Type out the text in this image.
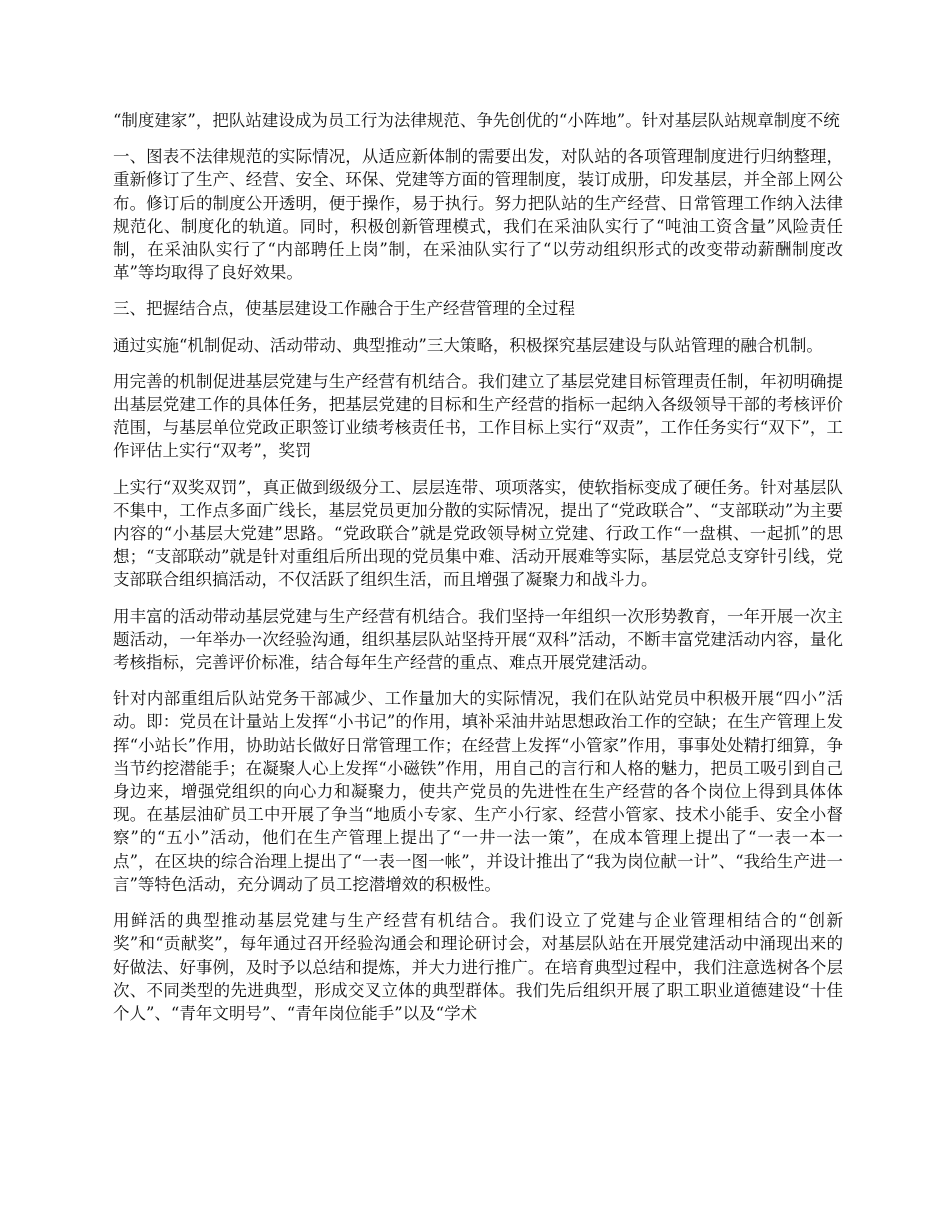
“制度建家”，把队站建设成为员工行为法律规范、争先创优的“小阵地”。针对基层队站规章制度不统

一、图表不法律规范的实际情况，从适应新体制的需要出发，对队站的各项管理制度进行归纳整理，重新修订了生产、经营、安全、环保、党建等方面的管理制度，装订成册，印发基层，并全部上网公布。修订后的制度公开透明，便于操作，易于执行。努力把队站的生产经营、日常管理工作纳入法律规范化、制度化的轨道。同时，积极创新管理模式，我们在采油队实行了“吨油工资含量”风险责任制，在采油队实行了“内部聘任上岗”制，在采油队实行了“以劳动组织形式的改变带动薪酬制度改革”等均取得了良好效果。

三、把握结合点，使基层建设工作融合于生产经营管理的全过程

通过实施“机制促动、活动带动、典型推动”三大策略，积极探究基层建设与队站管理的融合机制。

用完善的机制促进基层党建与生产经营有机结合。我们建立了基层党建目标管理责任制，年初明确提出基层党建工作的具体任务，把基层党建的目标和生产经营的指标一起纳入各级领导干部的考核评价范围，与基层单位党政正职签订业绩考核责任书，工作目标上实行“双责”，工作任务实行“双下”，工作评估上实行“双考”，奖罚

上实行“双奖双罚”，真正做到级级分工、层层连带、项项落实，使软指标变成了硬任务。针对基层队不集中，工作点多面广线长，基层党员更加分散的实际情况，提出了“党政联合”、“支部联动”为主要内容的“小基层大党建”思路。“党政联合”就是党政领导树立党建、行政工作“一盘棋、一起抓”的思想；“支部联动”就是针对重组后所出现的党员集中难、活动开展难等实际，基层党总支穿针引线，党支部联合组织搞活动，不仅活跃了组织生活，而且增强了凝聚力和战斗力。

用丰富的活动带动基层党建与生产经营有机结合。我们坚持一年组织一次形势教育，一年开展一次主题活动，一年举办一次经验沟通，组织基层队站坚持开展“双科”活动，不断丰富党建活动内容，量化考核指标，完善评价标准，结合每年生产经营的重点、难点开展党建活动。

针对内部重组后队站党务干部减少、工作量加大的实际情况，我们在队站党员中积极开展“四小”活动。即：党员在计量站上发挥“小书记”的作用，填补采油井站思想政治工作的空缺；在生产管理上发挥“小站长”作用，协助站长做好日常管理工作；在经营上发挥“小管家”作用，事事处处精打细算，争当节约挖潜能手；在凝聚人心上发挥“小磁铁”作用，用自己的言行和人格的魅力，把员工吸引到自己身边来，增强党组织的向心力和凝聚力，使共产党员的先进性在生产经营的各个岗位上得到具体体现。在基层油矿员工中开展了争当“地质小专家、生产小行家、经营小管家、技术小能手、安全小督察”的“五小”活动，他们在生产管理上提出了“一井一法一策”，在成本管理上提出了“一表一本一点”，在区块的综合治理上提出了“一表一图一帐”，并设计推出了“我为岗位献一计”、“我给生产进一言”等特色活动，充分调动了员工挖潜增效的积极性。

用鲜活的典型推动基层党建与生产经营有机结合。我们设立了党建与企业管理相结合的“创新奖”和“贡献奖”，每年通过召开经验沟通会和理论研讨会，对基层队站在开展党建活动中涌现出来的好做法、好事例，及时予以总结和提炼，并大力进行推广。在培育典型过程中，我们注意选树各个层次、不同类型的先进典型，形成交叉立体的典型群体。我们先后组织开展了职工职业道德建设“十佳个人”、“青年文明号”、“青年岗位能手”以及“学术
